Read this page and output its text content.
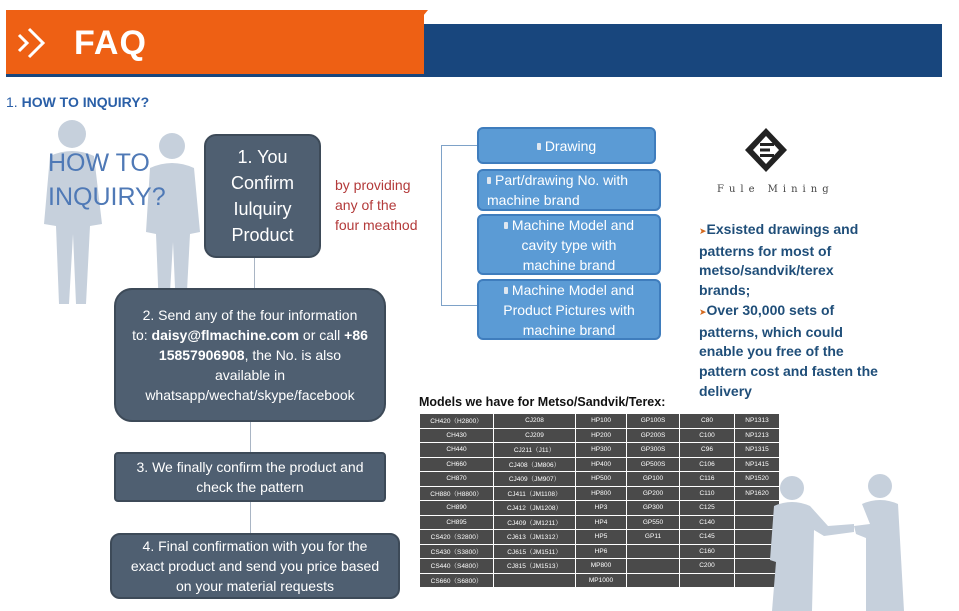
FAQ
1. HOW TO INQUIRY?
HOW TO
INQUIRY?
1. You
Confirm
Iulquiry
Product
2. Send any of the four information
to: daisy@flmachine.com or call +86
15857906908, the No. is also
available in
whatsapp/wechat/skype/facebook
3. We finally confirm the product and
check the pattern
4. Final confirmation with you for the
exact product and send you price based
on your material requests
by providing
any of the
four meathod
Drawing
Part/drawing No. with
machine brand
Machine Model and
cavity type with
machine brand
Machine Model and
Product Pictures with
machine brand
Fule Mining
➤Exsisted drawings and patterns for most of metso/sandvik/terex brands;
➤Over 30,000 sets of patterns, which could enable you free of the pattern cost and fasten the delivery
Models we have for Metso/Sandvik/Terex:
CH420（H2800）	CJ208	HP100	GP100S	C80	NP1313
CH430	CJ209	HP200	GP200S	C100	NP1213
CH440	CJ211（J11）	HP300	GP300S	C96	NP1315
CH660	CJ408（JM806）	HP400	GP500S	C106	NP1415
CH870	CJ409（JM907）	HP500	GP100	C116	NP1520
CH880（H8800）	CJ411（JM1108）	HP800	GP200	C110	NP1620
CH890	CJ412（JM1208）	HP3	GP300	C125	
CH895	CJ409（JM1211）	HP4	GP550	C140	
CS420（S2800）	CJ613（JM1312）	HP5	GP11	C145	
CS430（S3800）	CJ615（JM1511）	HP6		C160	
CS440（S4800）	CJ815（JM1513）	MP800		C200	
CS660（S6800）		MP1000			
